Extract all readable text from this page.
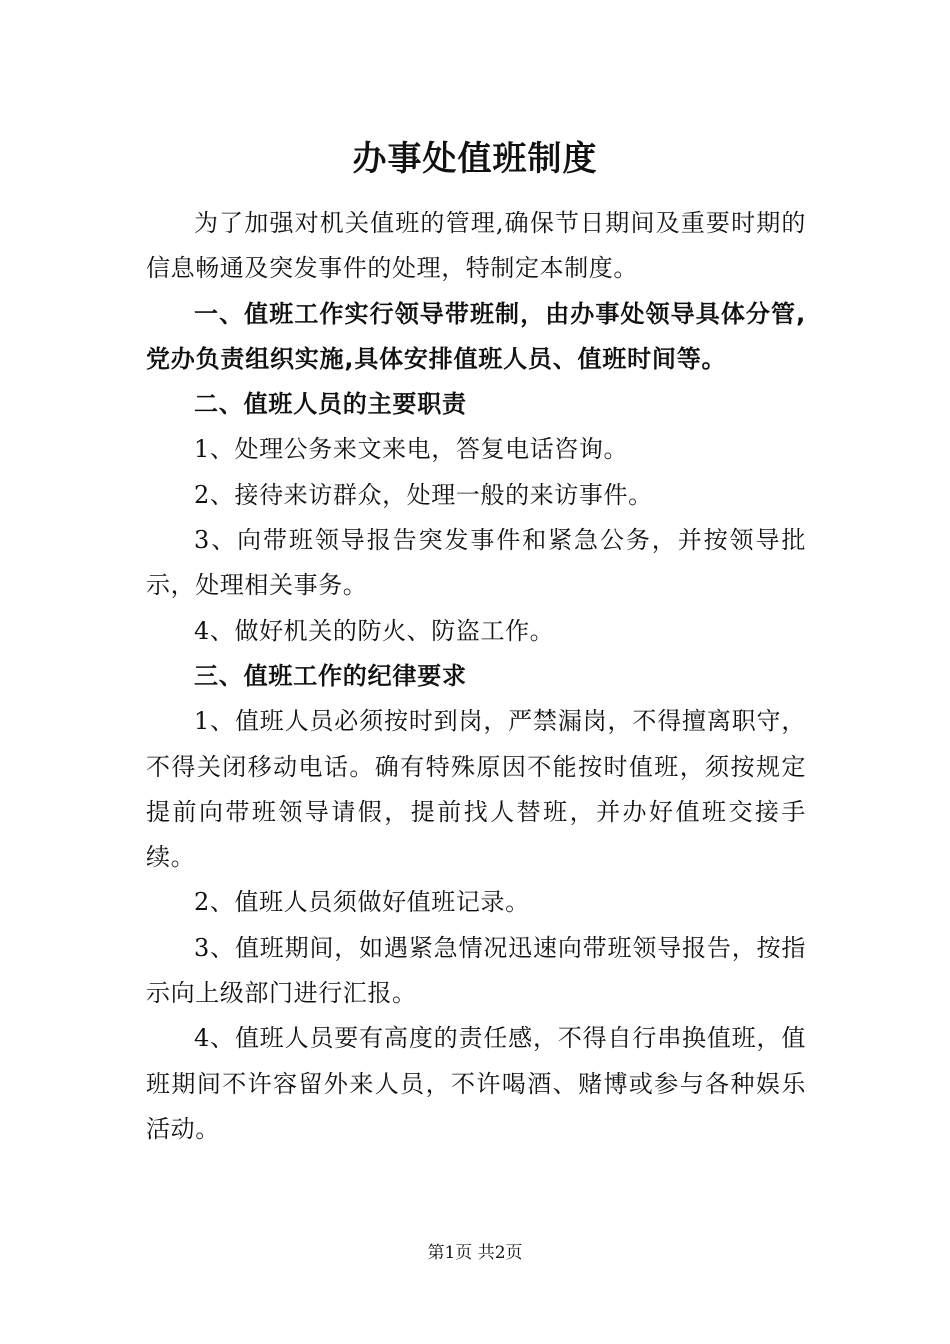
办事处值班制度

为了加强对机关值班的管理,确保节日期间及重要时期的信息畅通及突发事件的处理，特制定本制度。

一、值班工作实行领导带班制，由办事处领导具体分管,党办负责组织实施,具体安排值班人员、值班时间等。

二、值班人员的主要职责

1、处理公务来文来电，答复电话咨询。

2、接待来访群众，处理一般的来访事件。

3、向带班领导报告突发事件和紧急公务，并按领导批示，处理相关事务。

4、做好机关的防火、防盗工作。

三、值班工作的纪律要求

1、值班人员必须按时到岗，严禁漏岗，不得擅离职守，不得关闭移动电话。确有特殊原因不能按时值班，须按规定提前向带班领导请假，提前找人替班，并办好值班交接手续。

2、值班人员须做好值班记录。

3、值班期间，如遇紧急情况迅速向带班领导报告，按指示向上级部门进行汇报。

4、值班人员要有高度的责任感，不得自行串换值班，值班期间不许容留外来人员，不许喝酒、赌博或参与各种娱乐活动。

第1页 共2页
